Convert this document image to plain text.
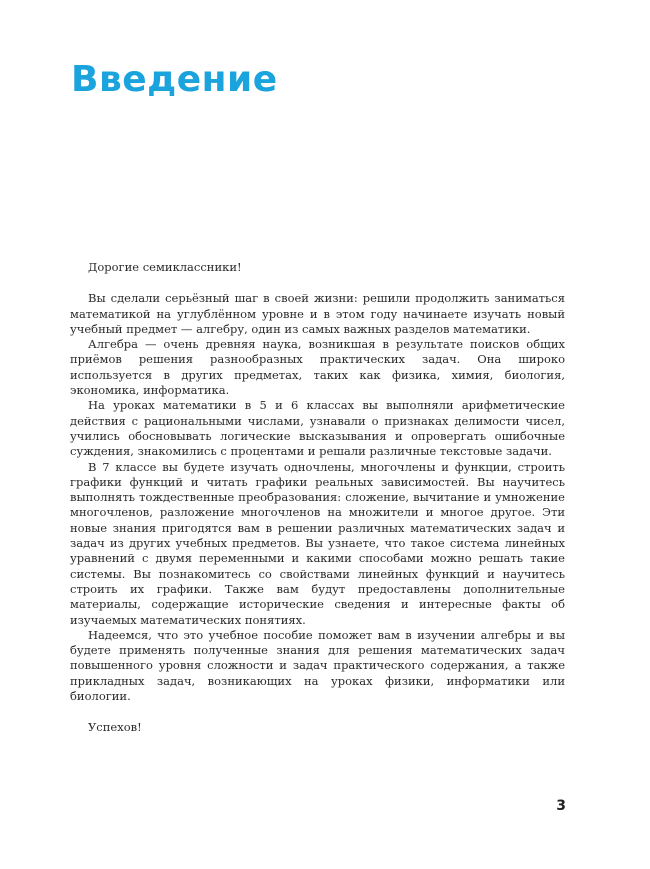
Введение

Дорогие семиклассники!

Вы сделали серьёзный шаг в своей жизни: решили продолжить заниматься математикой на углублённом уровне и в этом году начинаете изучать новый учебный предмет — алгебру, один из самых важных разделов математики.

Алгебра — очень древняя наука, возникшая в результате поисков общих приёмов решения разнообразных практических задач. Она широко используется в других предметах, таких как физика, химия, биология, экономика, информатика.

На уроках математики в 5 и 6 классах вы выполняли арифметические действия с рациональными числами, узнавали о признаках делимости чисел, учились обосновывать логические высказывания и опровергать ошибочные суждения, знакомились с процентами и решали различные текстовые задачи.

В 7 классе вы будете изучать одночлены, многочлены и функции, строить графики функций и читать графики реальных зависимостей. Вы научитесь выполнять тождественные преобразования: сложение, вычитание и умножение многочленов, разложение многочленов на множители и многое другое. Эти новые знания пригодятся вам в решении различных математических задач и задач из других учебных предметов. Вы узнаете, что такое система линейных уравнений с двумя переменными и какими способами можно решать такие системы. Вы познакомитесь со свойствами линейных функций и научитесь строить их графики. Также вам будут предоставлены дополнительные материалы, содержащие исторические сведения и интересные факты об изучаемых математических понятиях.

Надеемся, что это учебное пособие поможет вам в изучении алгебры и вы будете применять полученные знания для решения математических задач повышенного уровня сложности и задач практического содержания, а также прикладных задач, возникающих на уроках физики, информатики или биологии.

Успехов!

3
